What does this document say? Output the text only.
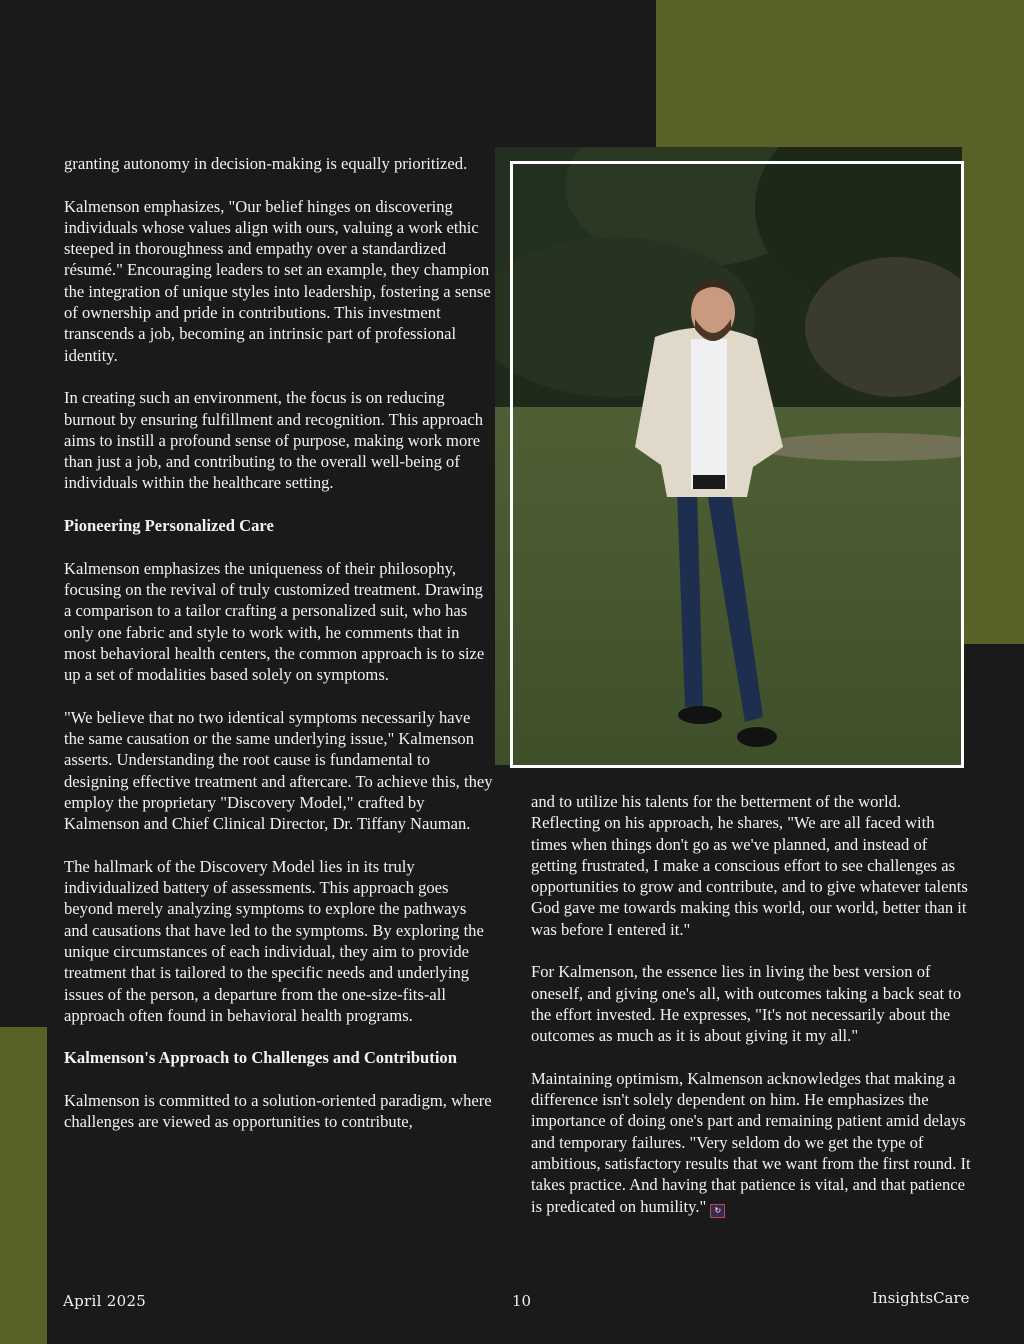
granting autonomy in decision-making is equally prioritized.

Kalmenson emphasizes, "Our belief hinges on discovering individuals whose values align with ours, valuing a work ethic steeped in thoroughness and empathy over a standardized résumé." Encouraging leaders to set an example, they champion the integration of unique styles into leadership, fostering a sense of ownership and pride in contributions. This investment transcends a job, becoming an intrinsic part of professional identity.

In creating such an environment, the focus is on reducing burnout by ensuring fulfillment and recognition. This approach aims to instill a profound sense of purpose, making work more than just a job, and contributing to the overall well-being of individuals within the healthcare setting.

Pioneering Personalized Care

Kalmenson emphasizes the uniqueness of their philosophy, focusing on the revival of truly customized treatment. Drawing a comparison to a tailor crafting a personalized suit, who has only one fabric and style to work with, he comments that in most behavioral health centers, the common approach is to size up a set of modalities based solely on symptoms.

"We believe that no two identical symptoms necessarily have the same causation or the same underlying issue," Kalmenson asserts. Understanding the root cause is fundamental to designing effective treatment and aftercare. To achieve this, they employ the proprietary "Discovery Model," crafted by Kalmenson and Chief Clinical Director, Dr. Tiffany Nauman.

The hallmark of the Discovery Model lies in its truly individualized battery of assessments. This approach goes beyond merely analyzing symptoms to explore the pathways and causations that have led to the symptoms. By exploring the unique circumstances of each individual, they aim to provide treatment that is tailored to the specific needs and underlying issues of the person, a departure from the one-size-fits-all approach often found in behavioral health programs.

Kalmenson's Approach to Challenges and Contribution

Kalmenson is committed to a solution-oriented paradigm, where challenges are viewed as opportunities to contribute,

and to utilize his talents for the betterment of the world. Reflecting on his approach, he shares, "We are all faced with times when things don't go as we've planned, and instead of getting frustrated, I make a conscious effort to see challenges as opportunities to grow and contribute, and to give whatever talents God gave me towards making this world, our world, better than it was before I entered it."

For Kalmenson, the essence lies in living the best version of oneself, and giving one's all, with outcomes taking a back seat to the effort invested. He expresses, "It's not necessarily about the outcomes as much as it is about giving it my all."

Maintaining optimism, Kalmenson acknowledges that making a difference isn't solely dependent on him. He emphasizes the importance of doing one's part and remaining patient amid delays and temporary failures. "Very seldom do we get the type of ambitious, satisfactory results that we want from the first round. It takes practice. And having that patience is vital, and that patience is predicated on humility." ↻

April 2025	10	InsightsCare
